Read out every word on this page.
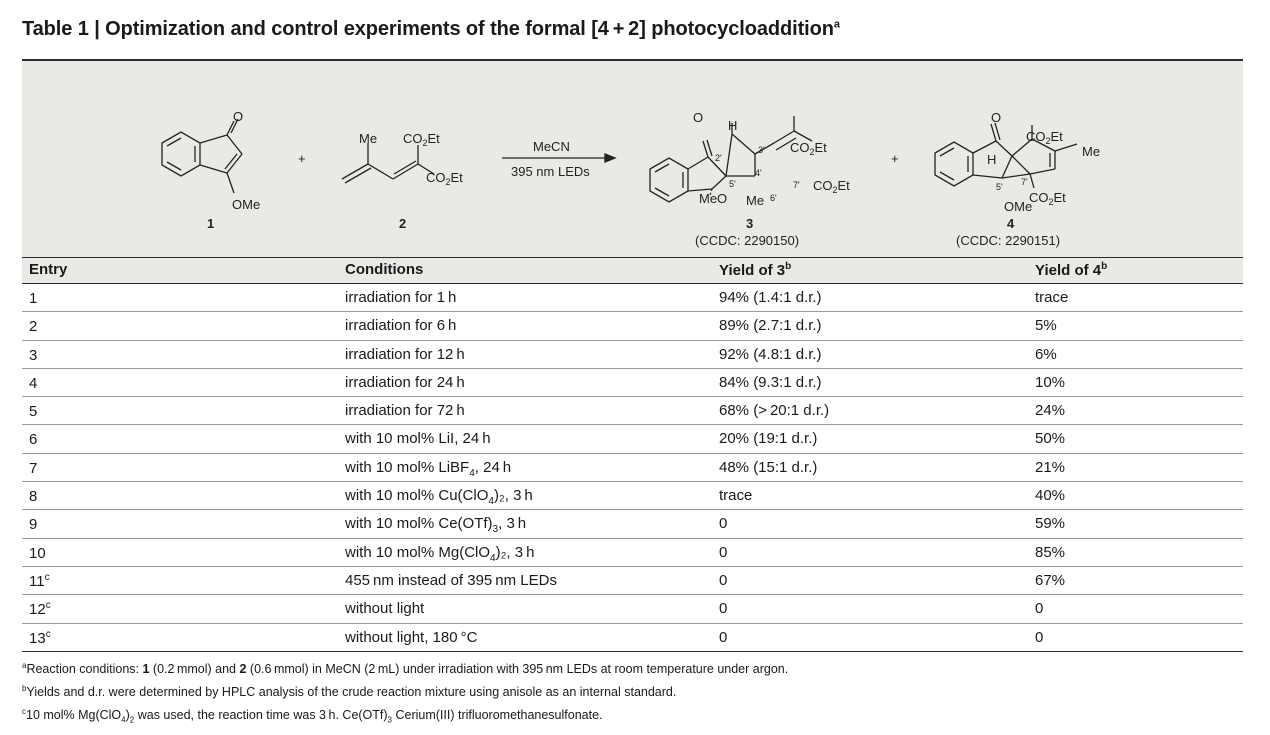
Table 1 | Optimization and control experiments of the formal [4 + 2] photocycloaddition$^a$
O
OMe
1
+
Me $CO_2Et$
$CO_2Et$
2
MeCN
395 nm LEDs
O
H
$CO_2Et$
$CO_2Et$
MeO Me
3
(CCDC: 2290150)
+
O
$CO_2Et$
Me
H
OMe
$CO_2Et$
4
(CCDC: 2290151)
2'
3'
4'
5'
6'
7'	5' 7'
Entry	Conditions	Yield of 3$^b$	Yield of 4$^b$
1	irradiation for 1 h	94% (1.4:1 d.r.)	trace
2	irradiation for 6 h	89% (2.7:1 d.r.)	5%
3	irradiation for 12 h	92% (4.8:1 d.r.)	6%
4	irradiation for 24 h	84% (9.3:1 d.r.)	10%
5	irradiation for 72 h	68% (> 20:1 d.r.)	24%
6	with 10 mol% LiI, 24 h	20% (19:1 d.r.)	50%
7	with 10 mol% LiBF$_4$, 24 h	48% (15:1 d.r.)	21%
8	with 10 mol% Cu(ClO$_4$)₂, 3 h	trace	40%
9	with 10 mol% $Ce(OTf)_3$, 3 h	0	59%
10	with 10 mol% Mg(ClO$_4$)₂, 3 h	0	85%
11$^c$	455 nm instead of 395 nm LEDs	0	67%
12$^c$	without light	0	0
13$^c$	without light, 180 °C	0	0
$^a$Reaction conditions: 1 (0.2 mmol) and 2 (0.6 mmol) in MeCN (2 mL) under irradiation with 395 nm LEDs at room temperature under argon.
$^b$Yields and d.r. were determined by HPLC analysis of the crude reaction mixture using anisole as an internal standard.
$^c$10 mol% $Mg(ClO_4)_2$ was used, the reaction time was 3 h. $Ce(OTf)_3$ Cerium(III) trifluoromethanesulfonate.
